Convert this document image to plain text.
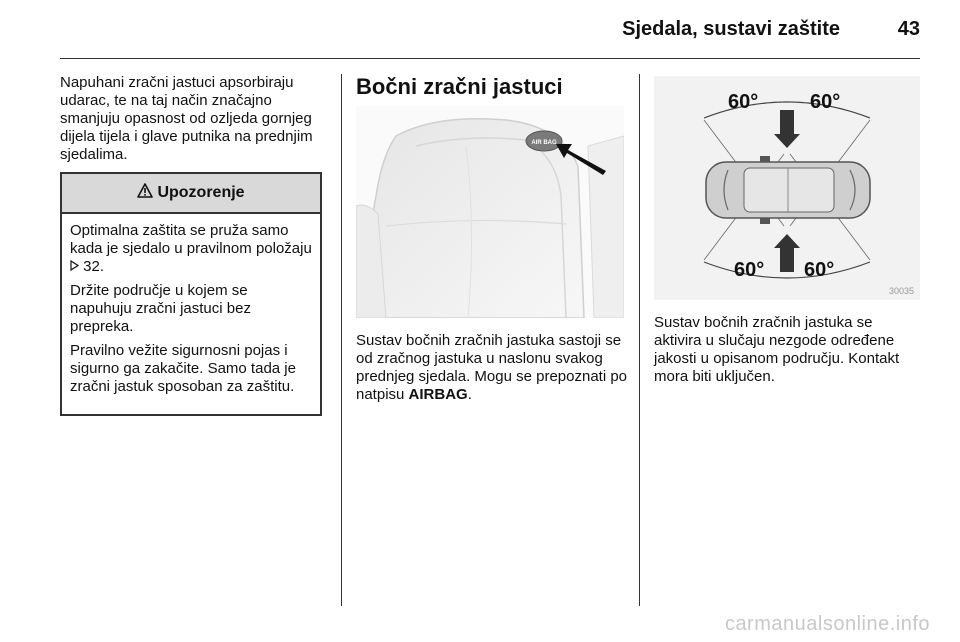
Sjedala, sustavi zaštite	43
Napuhani zračni jastuci apsorbiraju udarac, te na taj način značajno smanjuju opasnost od ozljeda gornjeg dijela tijela i glave putnika na prednjim sjedalima.
Upozorenje

Optimalna zaštita se pruža samo kada je sjedalo u pravilnom položaju  32.

Držite područje u kojem se napuhuju zračni jastuci bez prepreka.

Pravilno vežite sigurnosni pojas i sigurno ga zakačite. Samo tada je zračni jastuk sposoban za zaštitu.

Bočni zračni jastuci
AIR BAG
Sustav bočnih zračnih jastuka sastoji se od zračnog jastuka u naslonu svakog prednjeg sjedala. Mogu se prepoznati po natpisu AIRBAG.
60°	60°
60° 60°
30035
Sustav bočnih zračnih jastuka se aktivira u slučaju nezgode određene jakosti u opisanom području. Kontakt mora biti uključen.
carmanualsonline.info
